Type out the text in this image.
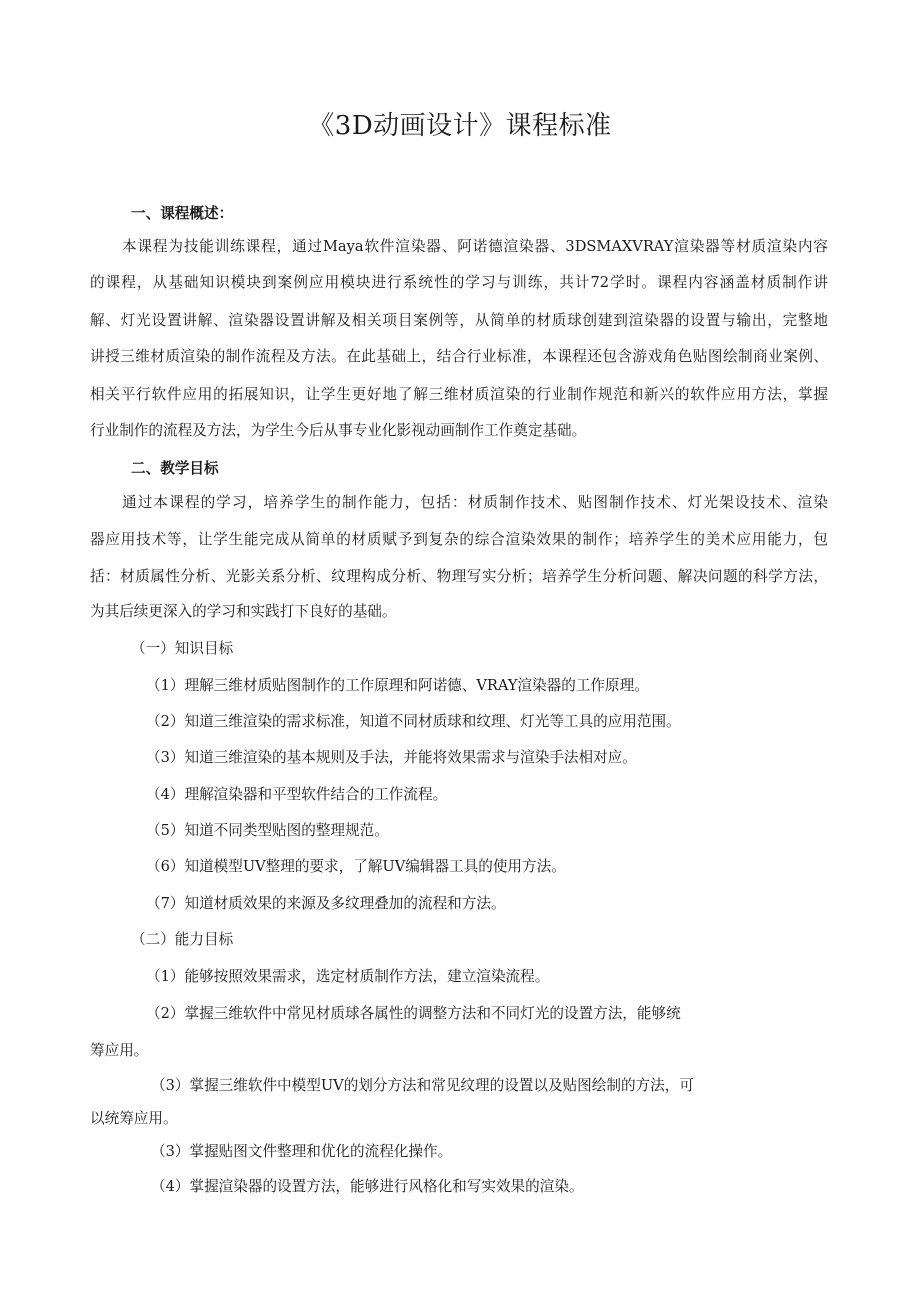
《3D动画设计》课程标准
一、课程概述：
本课程为技能训练课程，通过Maya软件渲染器、阿诺德渲染器、3DSMAXVRAY渲染器等材质渲染内容
的课程，从基础知识模块到案例应用模块进行系统性的学习与训练，共计72学时。课程内容涵盖材质制作讲
解、灯光设置讲解、渲染器设置讲解及相关项目案例等，从简单的材质球创建到渲染器的设置与输出，完整地
讲授三维材质渲染的制作流程及方法。在此基础上，结合行业标准，本课程还包含游戏角色贴图绘制商业案例、
相关平行软件应用的拓展知识，让学生更好地了解三维材质渲染的行业制作规范和新兴的软件应用方法，掌握
行业制作的流程及方法，为学生今后从事专业化影视动画制作工作奠定基础。
二、教学目标
通过本课程的学习，培养学生的制作能力，包括：材质制作技术、贴图制作技术、灯光架设技术、渲染
器应用技术等，让学生能完成从简单的材质赋予到复杂的综合渲染效果的制作；培养学生的美术应用能力，包
括：材质属性分析、光影关系分析、纹理构成分析、物理写实分析；培养学生分析问题、解决问题的科学方法，
为其后续更深入的学习和实践打下良好的基础。
（一）知识目标
（1）理解三维材质贴图制作的工作原理和阿诺德、VRAY渲染器的工作原理。
（2）知道三维渲染的需求标准，知道不同材质球和纹理、灯光等工具的应用范围。
（3）知道三维渲染的基本规则及手法，并能将效果需求与渲染手法相对应。
（4）理解渲染器和平型软件结合的工作流程。
（5）知道不同类型贴图的整理规范。
（6）知道模型UV整理的要求，了解UV编辑器工具的使用方法。
（7）知道材质效果的来源及多纹理叠加的流程和方法。
（二）能力目标
（1）能够按照效果需求，选定材质制作方法，建立渲染流程。
（2）掌握三维软件中常见材质球各属性的调整方法和不同灯光的设置方法，能够统
筹应用。
（3）掌握三维软件中模型UV的划分方法和常见纹理的设置以及贴图绘制的方法，可
以统筹应用。
（3）掌握贴图文件整理和优化的流程化操作。
（4）掌握渲染器的设置方法，能够进行风格化和写实效果的渲染。
